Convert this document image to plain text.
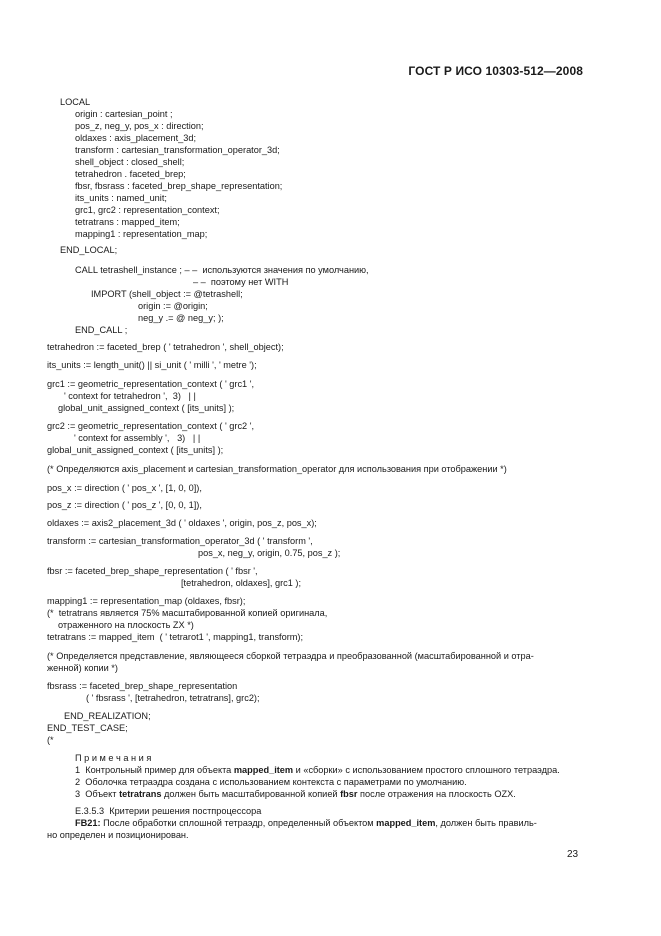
ГОСТ Р ИСО 10303-512—2008
LOCAL
origin : cartesian_point ;
pos_z, neg_y, pos_x : direction;
oldaxes : axis_placement_3d;
transform : cartesian_transformation_operator_3d;
shell_object : closed_shell;
tetrahedron . faceted_brep;
fbsr, fbsrass : faceted_brep_shape_representation;
its_units : named_unit;
grc1, grc2 : representation_context;
tetratrans : mapped_item;
mapping1 : representation_map;
END_LOCAL;
CALL tetrashell_instance ; – –  используются значения по умолчанию,
– –  поэтому нет WITH
IMPORT (shell_object := @tetrashell;
origin := @origin;
neg_y .= @ neg_y; );
END_CALL ;
tetrahedron := faceted_brep ( ' tetrahedron ', shell_object);
its_units := length_unit() || si_unit ( ' milli ', ' metre ');
grc1 := geometric_representation_context ( ' grc1 ',
' context for tetrahedron ',  3)   | |
global_unit_assigned_context ( [its_units] );
grc2 := geometric_representation_context ( ' grc2 ',
' context for assembly ',   3)   | |
global_unit_assigned_context ( [its_units] );
(* Определяются axis_placement и cartesian_transformation_operator для использования при отображении *)
pos_x := direction ( ' pos_x ', [1, 0, 0]),
pos_z := direction ( ' pos_z ', [0, 0, 1]),
oldaxes := axis2_placement_3d ( ' oldaxes ', origin, pos_z, pos_x);
transform := cartesian_transformation_operator_3d ( ' transform ',
pos_x, neg_y, origin, 0.75, pos_z );
fbsr := faceted_brep_shape_representation ( ' fbsr ',
[tetrahedron, oldaxes], grc1 );
mapping1 := representation_map (oldaxes, fbsr);
(*  tetratrans является 75% масштабированной копией оригинала,
отраженного на плоскость ZX *)
tetratrans := mapped_item  ( ' tetrarot1 ', mapping1, transform);
(* Определяется представление, являющееся сборкой тетраэдра и преобразованной (масштабированной и отра-
женной) копии *)
fbsrass := faceted_brep_shape_representation
( ' fbsrass ', [tetrahedron, tetratrans], grc2);
END_REALIZATION;
END_TEST_CASE;
(*
П р и м е ч а н и я
1  Контрольный пример для объекта mapped_item и «сборки» с использованием простого сплошного тетраэдра.
2  Оболочка тетраэдра создана с использованием контекста с параметрами по умолчанию.
3  Объект tetratrans должен быть масштабированной копией fbsr после отражения на плоскость OZX.
E.3.5.3  Критерии решения постпроцессора
FB21: После обработки сплошной тетраэдр, определенный объектом mapped_item, должен быть правиль-
но определен и позиционирован.
23
